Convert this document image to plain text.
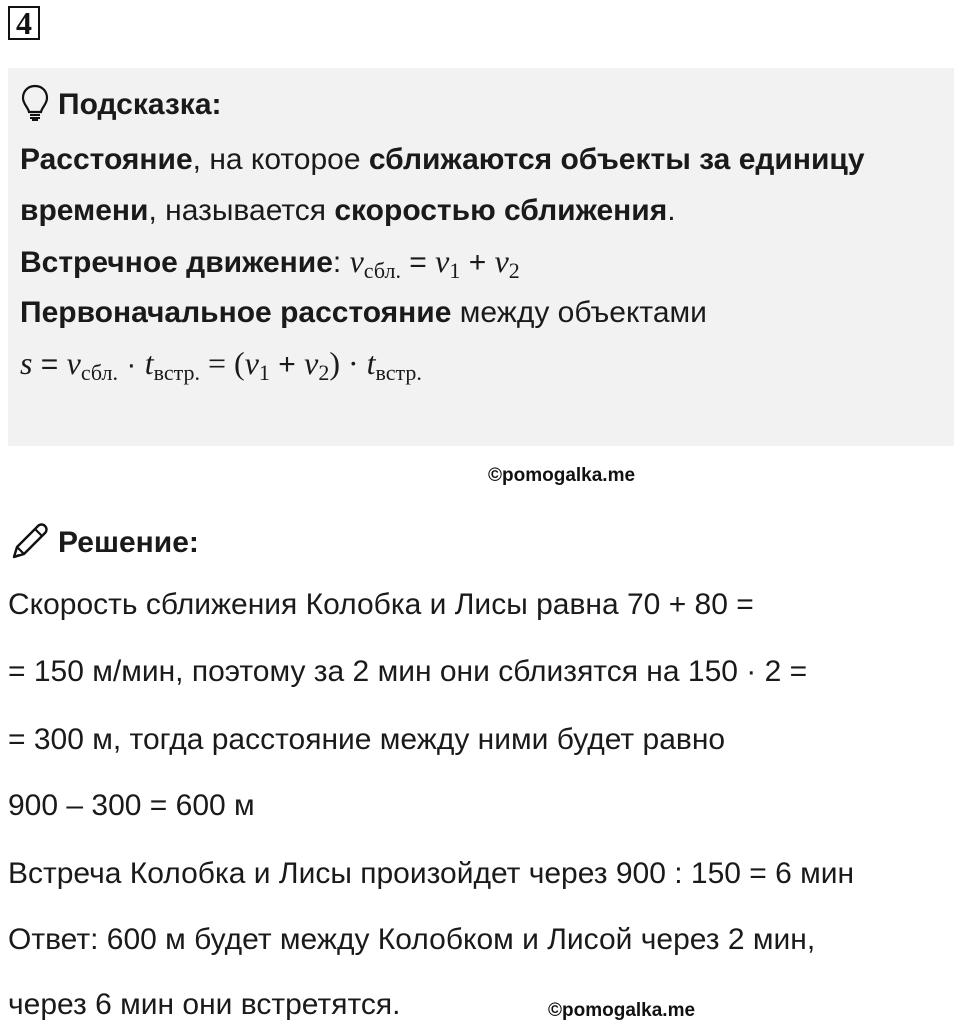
4
Подсказка:
Расстояние, на которое сближаются объекты за единицу
времени, называется скоростью сближения.
Встречное движение: $v_{сбл.} = v_1 + v_2$
Первоначальное расстояние между объектами
$s = v_{сбл.} \cdot t_{встр.} = (v_1 + v_2) \cdot t_{встр.}$
©pomogalka.me
Решение:
Скорость сближения Колобка и Лисы равна 70 + 80 =
= 150 м/мин, поэтому за 2 мин они сблизятся на 150 · 2 =
= 300 м, тогда расстояние между ними будет равно
900 – 300 = 600 м
Встреча Колобка и Лисы произойдет через 900 : 150 = 6 мин
Ответ: 600 м будет между Колобком и Лисой через 2 мин,
через 6 мин они встретятся.	©pomogalka.me
